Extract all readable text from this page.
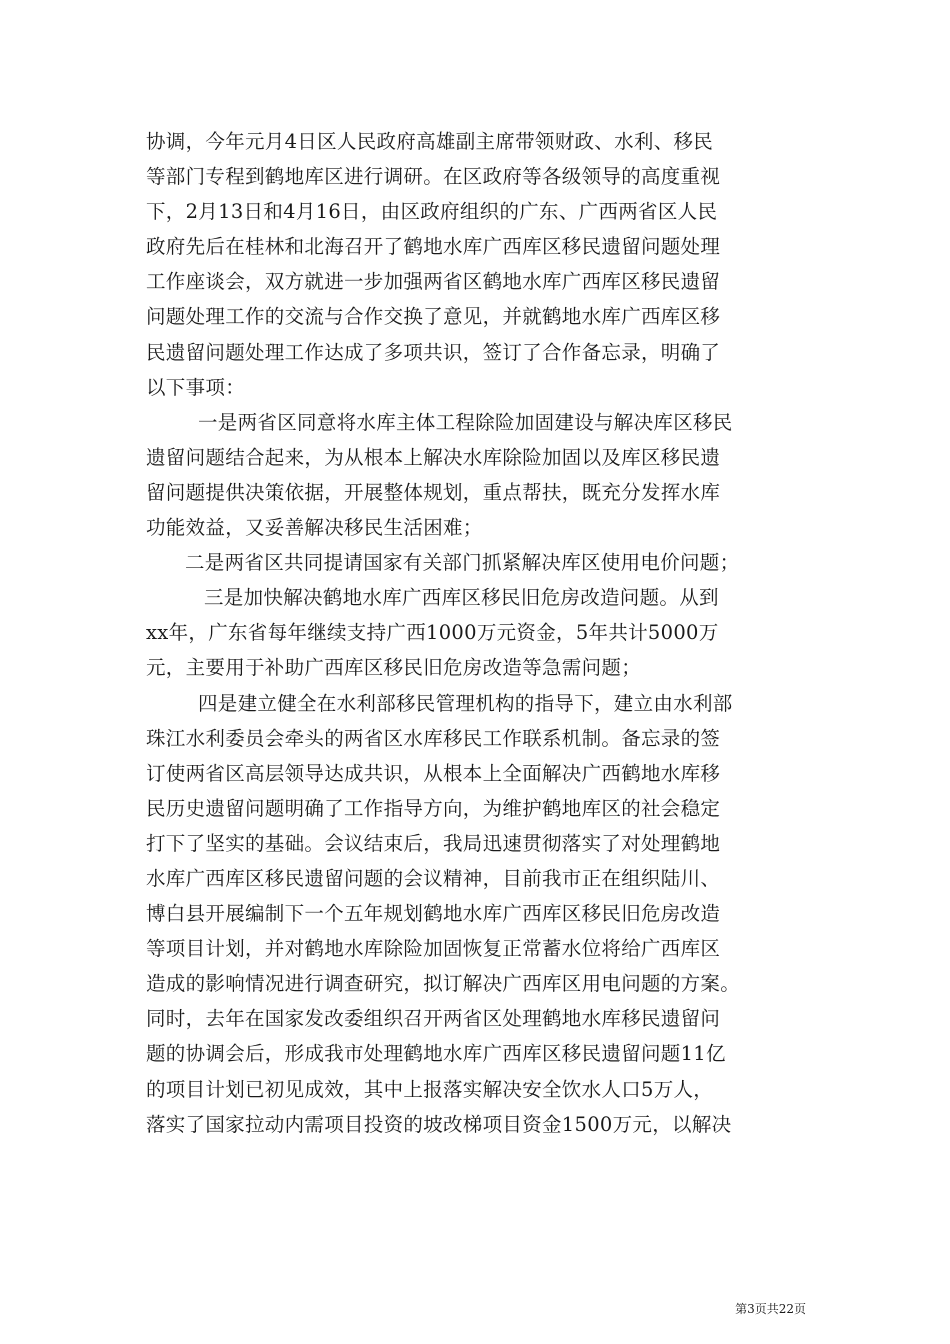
协调，今年元月4日区人民政府高雄副主席带领财政、水利、移民
等部门专程到鹤地库区进行调研。在区政府等各级领导的高度重视
下，2月13日和4月16日，由区政府组织的广东、广西两省区人民
政府先后在桂林和北海召开了鹤地水库广西库区移民遗留问题处理
工作座谈会，双方就进一步加强两省区鹤地水库广西库区移民遗留
问题处理工作的交流与合作交换了意见，并就鹤地水库广西库区移
民遗留问题处理工作达成了多项共识，签订了合作备忘录，明确了
以下事项：
一是两省区同意将水库主体工程除险加固建设与解决库区移民
遗留问题结合起来，为从根本上解决水库除险加固以及库区移民遗
留问题提供决策依据，开展整体规划，重点帮扶，既充分发挥水库
功能效益，又妥善解决移民生活困难；
二是两省区共同提请国家有关部门抓紧解决库区使用电价问题；
三是加快解决鹤地水库广西库区移民旧危房改造问题。从到
xx年，广东省每年继续支持广西1000万元资金，5年共计5000万
元，主要用于补助广西库区移民旧危房改造等急需问题；
四是建立健全在水利部移民管理机构的指导下，建立由水利部
珠江水利委员会牵头的两省区水库移民工作联系机制。备忘录的签
订使两省区高层领导达成共识，从根本上全面解决广西鹤地水库移
民历史遗留问题明确了工作指导方向，为维护鹤地库区的社会稳定
打下了坚实的基础。会议结束后，我局迅速贯彻落实了对处理鹤地
水库广西库区移民遗留问题的会议精神，目前我市正在组织陆川、
博白县开展编制下一个五年规划鹤地水库广西库区移民旧危房改造
等项目计划，并对鹤地水库除险加固恢复正常蓄水位将给广西库区
造成的影响情况进行调查研究，拟订解决广西库区用电问题的方案。
同时，去年在国家发改委组织召开两省区处理鹤地水库移民遗留问
题的协调会后，形成我市处理鹤地水库广西库区移民遗留问题11亿
的项目计划已初见成效，其中上报落实解决安全饮水人口5万人，
落实了国家拉动内需项目投资的坡改梯项目资金1500万元，以解决
第3页共22页
